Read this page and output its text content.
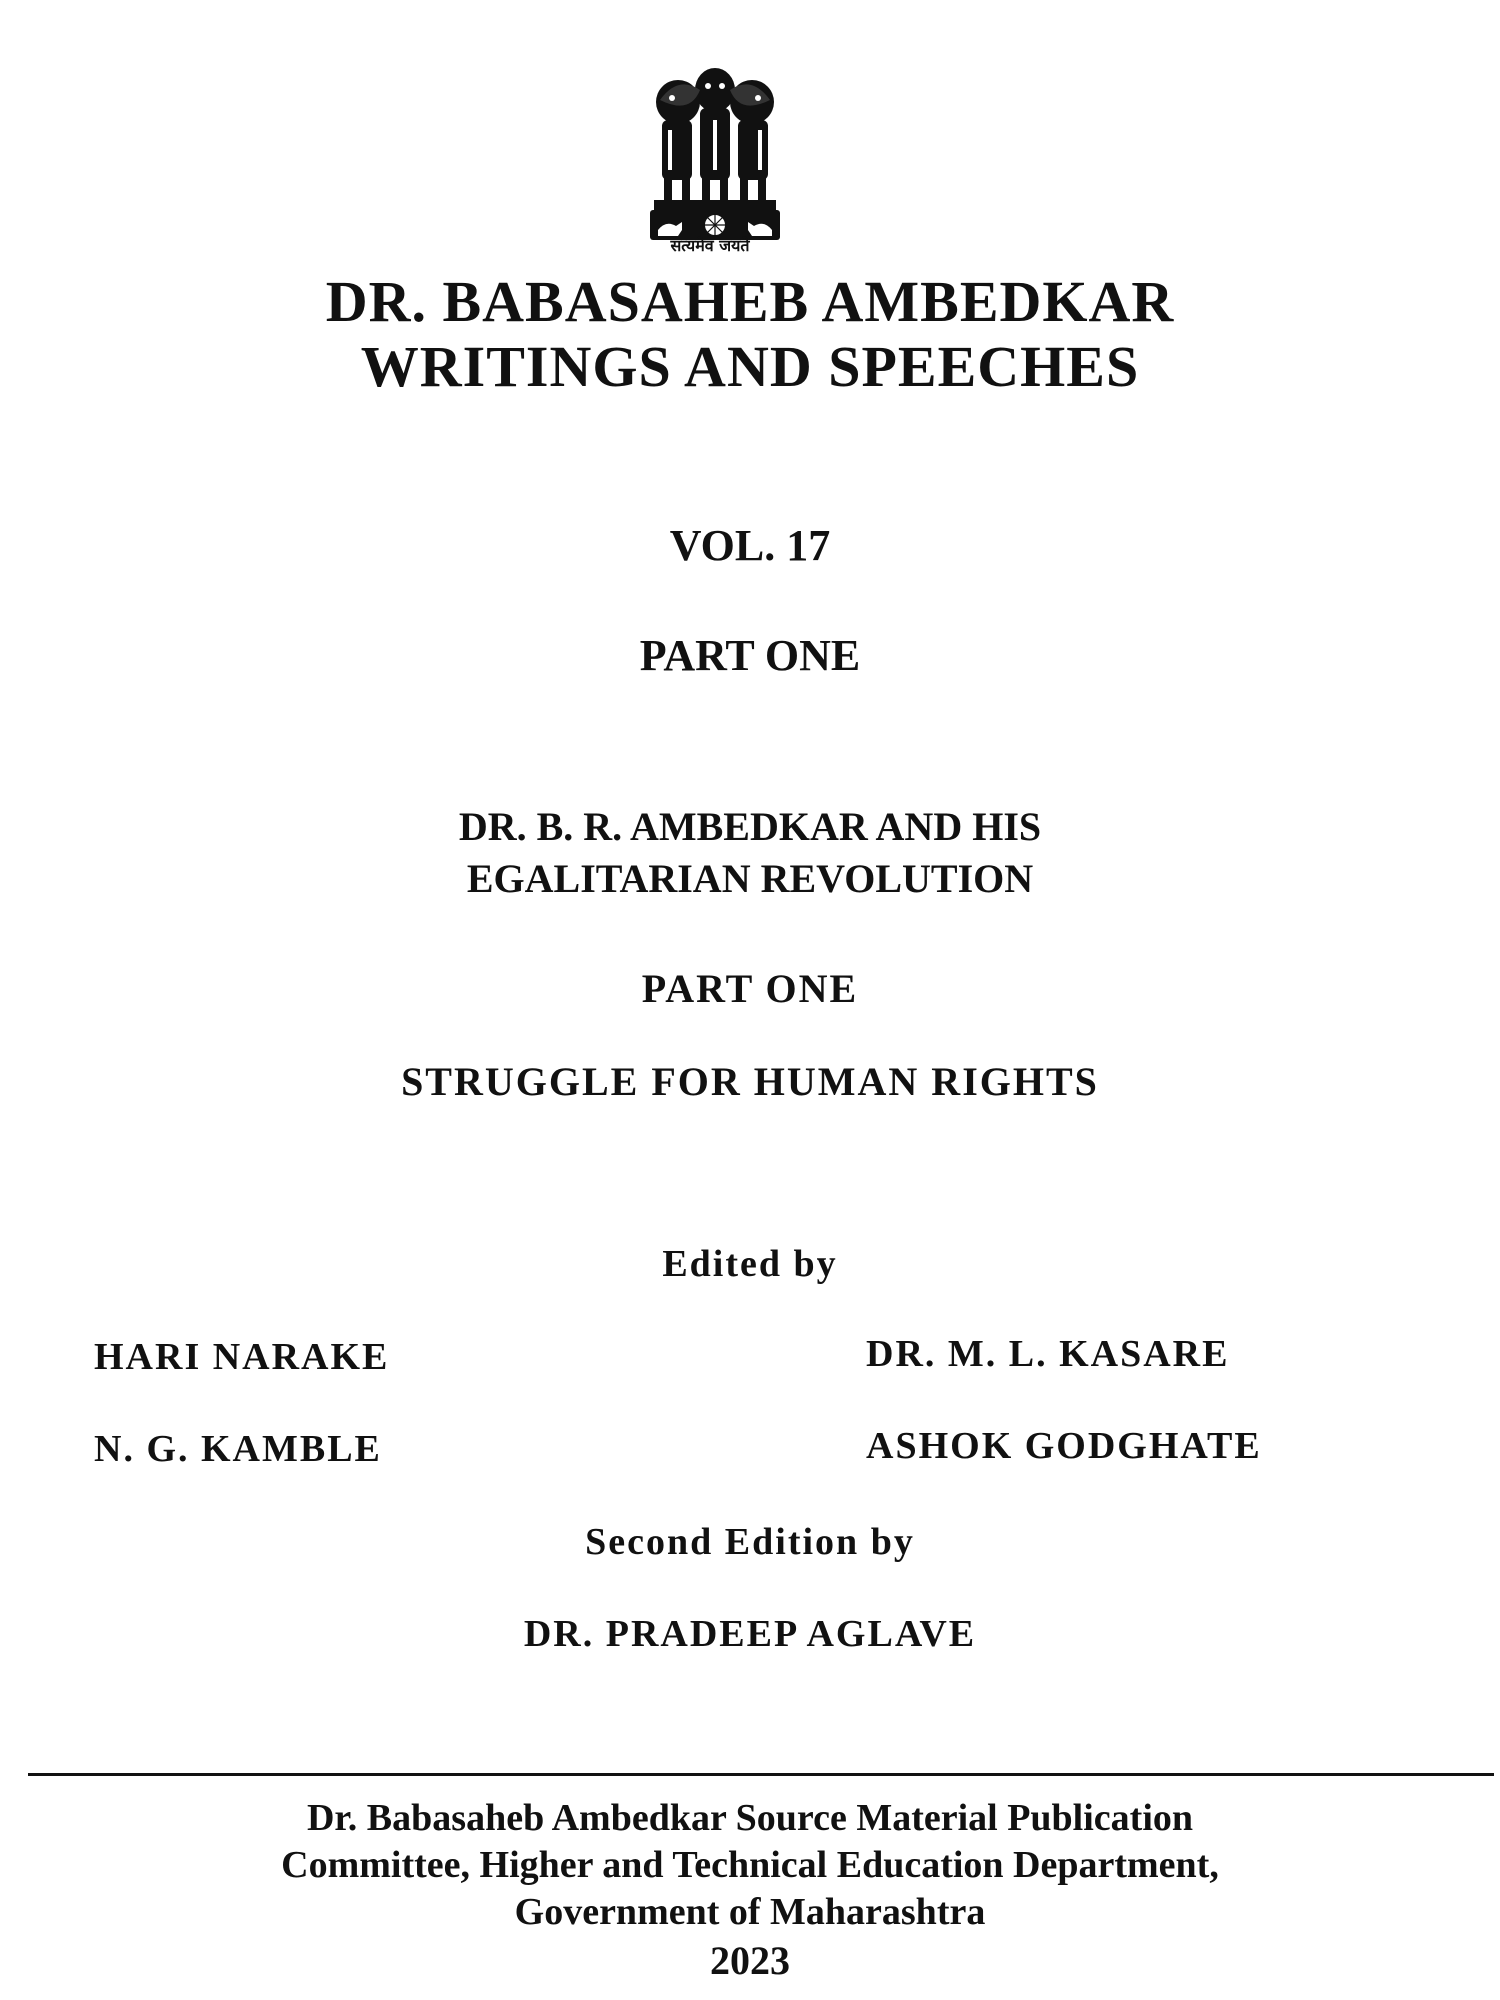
सत्यमेव जयते
DR. BABASAHEB AMBEDKAR
WRITINGS AND SPEECHES
VOL. 17
PART ONE
DR. B. R. AMBEDKAR AND HIS
EGALITARIAN REVOLUTION
PART ONE
STRUGGLE FOR HUMAN RIGHTS
Edited by
HARI NARAKE	DR. M. L. KASARE
N. G. KAMBLE	ASHOK GODGHATE
Second Edition by
DR. PRADEEP AGLAVE
Dr. Babasaheb Ambedkar Source Material Publication
Committee, Higher and Technical Education Department,
Government of Maharashtra
2023
